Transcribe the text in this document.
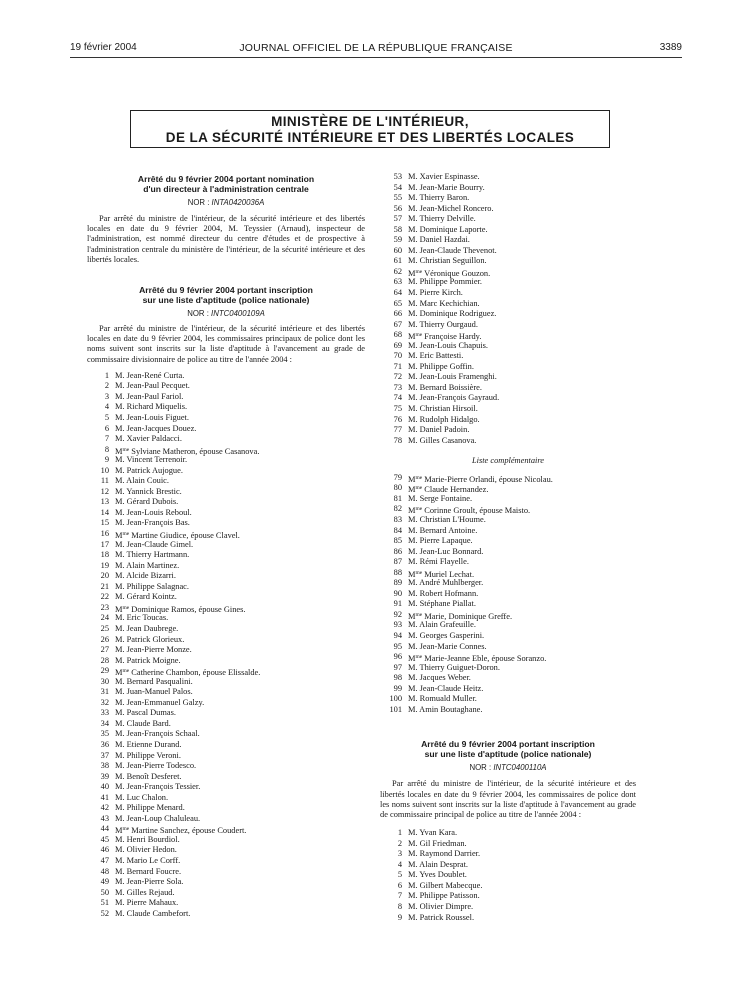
19 février 2004	JOURNAL OFFICIEL DE LA RÉPUBLIQUE FRANÇAISE	3389
MINISTÈRE DE L'INTÉRIEUR,
DE LA SÉCURITÉ INTÉRIEURE ET DES LIBERTÉS LOCALES
Arrêté du 9 février 2004 portant nomination
d'un directeur à l'administration centrale
NOR : INTA0420036A

Par arrêté du ministre de l'intérieur, de la sécurité intérieure et des libertés locales en date du 9 février 2004, M. Teyssier (Arnaud), inspecteur de l'administration, est nommé directeur du centre d'études et de prospective à l'administration centrale du ministère de l'intérieur, de la sécurité intérieure et des libertés locales.

Arrêté du 9 février 2004 portant inscription
sur une liste d'aptitude (police nationale)
NOR : INTC0400109A

Par arrêté du ministre de l'intérieur, de la sécurité intérieure et des libertés locales en date du 9 février 2004, les commissaires principaux de police dont les noms suivent sont inscrits sur la liste d'aptitude à l'avancement au grade de commissaire divisionnaire de police au titre de l'année 2004 :

1 M. Jean-René Curta.
2 M. Jean-Paul Pecquet.
3 M. Jean-Paul Fariol.
4 M. Richard Miquelis.
5 M. Jean-Louis Figuet.
6 M. Jean-Jacques Douez.
7 M. Xavier Paldacci.
8 $M^{me}$ Sylviane Matheron, épouse Casanova.
9 M. Vincent Terrenoir.
10 M. Patrick Aujogue.
11 M. Alain Couic.
12 M. Yannick Brestic.
13 M. Gérard Dubois.
14 M. Jean-Louis Reboul.
15 M. Jean-François Bas.
16 $M^{me}$ Martine Giudice, épouse Clavel.
17 M. Jean-Claude Gimel.
18 M. Thierry Hartmann.
19 M. Alain Martinez.
20 M. Alcide Bizarri.
21 M. Philippe Salagnac.
22 M. Gérard Kointz.
23 $M^{me}$ Dominique Ramos, épouse Gines.
24 M. Eric Toucas.
25 M. Jean Daubrege.
26 M. Patrick Glorieux.
27 M. Jean-Pierre Monze.
28 M. Patrick Moigne.
29 $M^{me}$ Catherine Chambon, épouse Elissalde.
30 M. Bernard Pasqualini.
31 M. Juan-Manuel Palos.
32 M. Jean-Emmanuel Galzy.
33 M. Pascal Dumas.
34 M. Claude Bard.
35 M. Jean-François Schaal.
36 M. Etienne Durand.
37 M. Philippe Veroni.
38 M. Jean-Pierre Todesco.
39 M. Benoît Desferet.
40 M. Jean-François Tessier.
41 M. Luc Chalon.
42 M. Philippe Menard.
43 M. Jean-Loup Chaluleau.
44 $M^{me}$ Martine Sanchez, épouse Coudert.
45 M. Henri Bourdiol.
46 M. Olivier Hedon.
47 M. Mario Le Corff.
48 M. Bernard Foucre.
49 M. Jean-Pierre Sola.
50 M. Gilles Rejaud.
51 M. Pierre Mahaux.
52 M. Claude Cambefort.
53 M. Xavier Espinasse.
54 M. Jean-Marie Bourry.
55 M. Thierry Baron.
56 M. Jean-Michel Roncero.
57 M. Thierry Delville.
58 M. Dominique Laporte.
59 M. Daniel Hazdai.
60 M. Jean-Claude Thevenot.
61 M. Christian Seguillon.
62 $M^{me}$ Véronique Gouzon.
63 M. Philippe Pommier.
64 M. Pierre Kirch.
65 M. Marc Kechichian.
66 M. Dominique Rodriguez.
67 M. Thierry Ourgaud.
68 $M^{me}$ Françoise Hardy.
69 M. Jean-Louis Chapuis.
70 M. Eric Battesti.
71 M. Philippe Goffin.
72 M. Jean-Louis Framenghi.
73 M. Bernard Boissière.
74 M. Jean-François Gayraud.
75 M. Christian Hirsoil.
76 M. Rudolph Hidalgo.
77 M. Daniel Padoin.
78 M. Gilles Casanova.
Liste complémentaire
79 $M^{me}$ Marie-Pierre Orlandi, épouse Nicolau.
80 $M^{me}$ Claude Hernandez.
81 M. Serge Fontaine.
82 $M^{me}$ Corinne Groult, épouse Maisto.
83 M. Christian L'Houme.
84 M. Bernard Antoine.
85 M. Pierre Lapaque.
86 M. Jean-Luc Bonnard.
87 M. Rémi Flayelle.
88 $M^{me}$ Muriel Lechat.
89 M. André Muhlberger.
90 M. Robert Hofmann.
91 M. Stéphane Piallat.
92 $M^{me}$ Marie, Dominique Greffe.
93 M. Alain Grafeuille.
94 M. Georges Gasperini.
95 M. Jean-Marie Connes.
96 $M^{me}$ Marie-Jeanne Eble, épouse Soranzo.
97 M. Thierry Guiguet-Doron.
98 M. Jacques Weber.
99 M. Jean-Claude Heitz.
100 M. Romuald Muller.
101 M. Amin Boutaghane.
Arrêté du 9 février 2004 portant inscription
sur une liste d'aptitude (police nationale)
NOR : INTC0400110A

Par arrêté du ministre de l'intérieur, de la sécurité intérieure et des libertés locales en date du 9 février 2004, les commissaires de police dont les noms suivent sont inscrits sur la liste d'aptitude à l'avancement au grade de commissaire principal de police au titre de l'année 2004 :

1 M. Yvan Kara.
2 M. Gil Friedman.
3 M. Raymond Darrier.
4 M. Alain Desprat.
5 M. Yves Doublet.
6 M. Gilbert Mabecque.
7 M. Philippe Patisson.
8 M. Olivier Dimpre.
9 M. Patrick Roussel.
